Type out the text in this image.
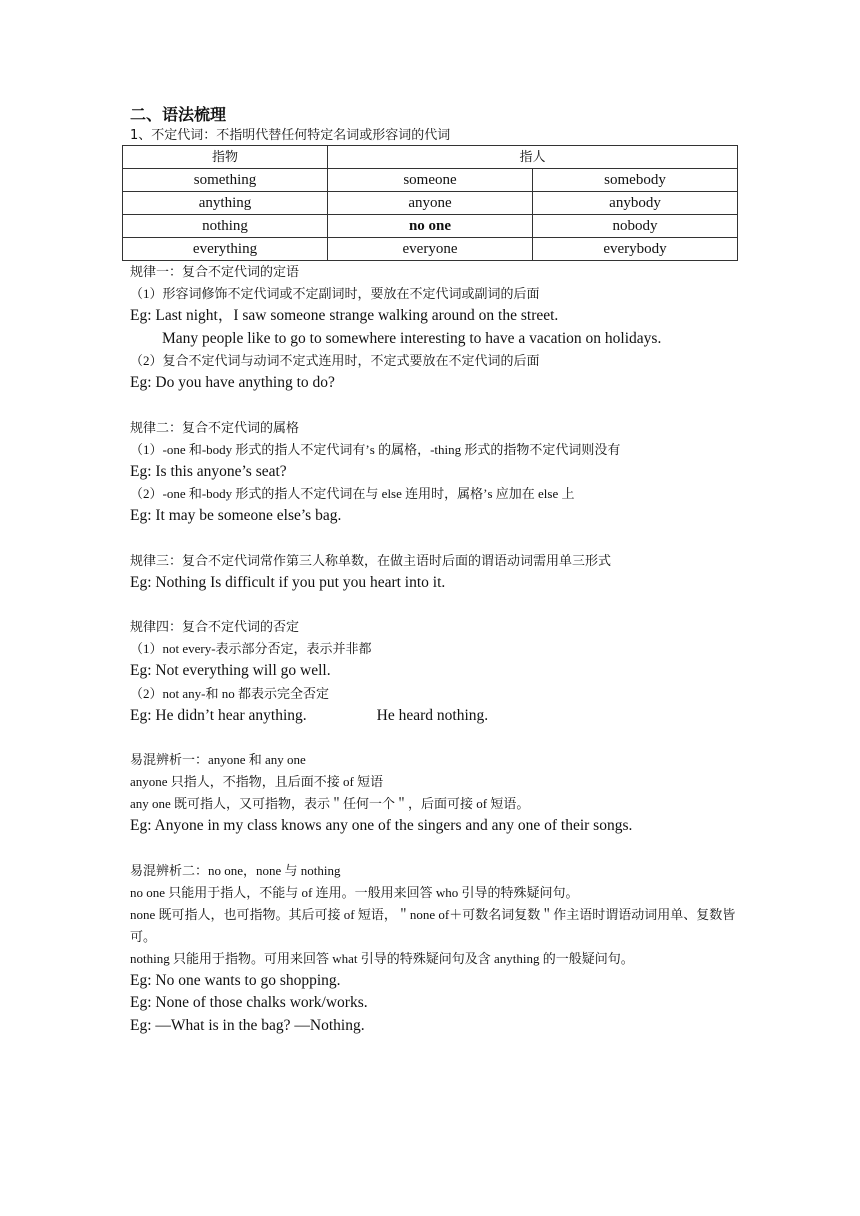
二、语法梳理

1、不定代词：不指明代替任何特定名词或形容词的代词

指物	指人	
something	someone	somebody
anything	anyone	anybody
nothing	no one	nobody
everything	everyone	everybody

规律一：复合不定代词的定语

（1）形容词修饰不定代词或不定副词时，要放在不定代词或副词的后面

Eg: Last night，I saw someone strange walking around on the street.

Many people like to go to somewhere interesting to have a vacation on holidays.

（2）复合不定代词与动词不定式连用时，不定式要放在不定代词的后面

Eg: Do you have anything to do?

规律二：复合不定代词的属格

（1）-one 和-body 形式的指人不定代词有’s 的属格，-thing 形式的指物不定代词则没有

Eg: Is this anyone’s seat?

（2）-one 和-body 形式的指人不定代词在与 else 连用时，属格’s 应加在 else 上

Eg: It may be someone else’s bag.

规律三：复合不定代词常作第三人称单数，在做主语时后面的谓语动词需用单三形式

Eg: Nothing Is difficult if you put you heart into it.

规律四：复合不定代词的否定

（1）not every-表示部分否定，表示并非都

Eg: Not everything will go well.

（2）not any-和 no 都表示完全否定

Eg: He didn’t hear anything.	He heard nothing.

易混辨析一：anyone 和 any one

anyone 只指人，不指物，且后面不接 of 短语

any one 既可指人，又可指物，表示＂任何一个＂，后面可接 of 短语。

Eg: Anyone in my class knows any one of the singers and any one of their songs.

易混辨析二：no one，none 与 nothing

no one 只能用于指人，不能与 of 连用。一般用来回答 who 引导的特殊疑问句。

none 既可指人，也可指物。其后可接 of 短语，＂none of＋可数名词复数＂作主语时谓语动词用单、复数皆可。

nothing 只能用于指物。可用来回答 what 引导的特殊疑问句及含 anything 的一般疑问句。

Eg: No one wants to go shopping.

Eg: None of those chalks work/works.

Eg: —What is in the bag? —Nothing.
